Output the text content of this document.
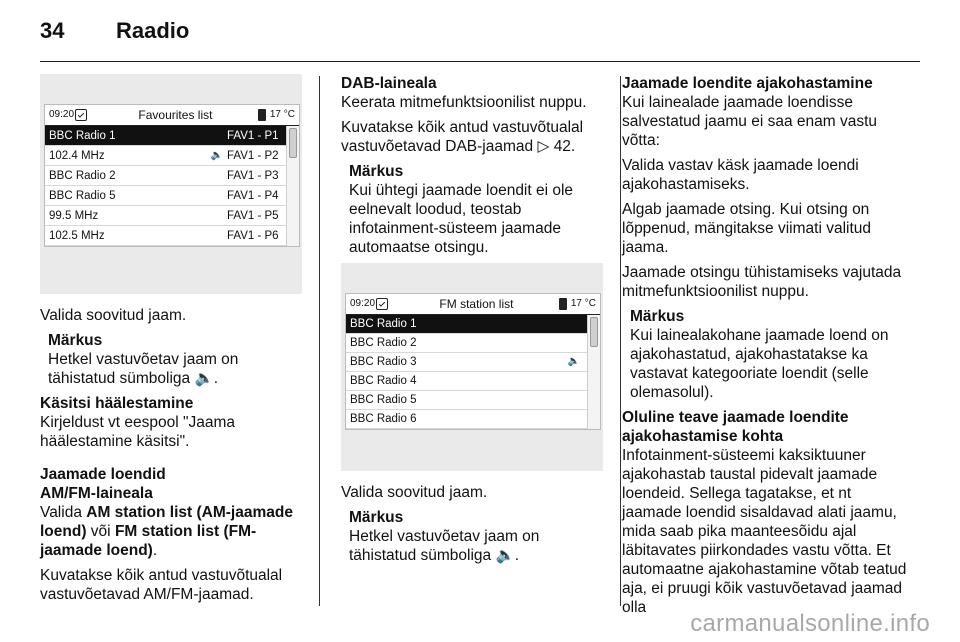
34 Raadio
09:20	Favourites list	17 °C
BBC Radio 1	FAV1 - P1
102.4 MHz	🔈 FAV1 - P2
BBC Radio 2	FAV1 - P3
BBC Radio 5	FAV1 - P4
99.5 MHz	FAV1 - P5
102.5 MHz	FAV1 - P6

Valida soovitud jaam.

Märkus
Hetkel vastuvõetav jaam on tähistatud sümboliga 🔈.
Käsitsi häälestamine

Kirjeldust vt eespool "Jaama häälestamine käsitsi".

Jaamade loendid
AM/FM-laineala

Valida AM station list (AM-jaamade loend) või FM station list (FM-jaamade loend).

Kuvatakse kõik antud vastuvõtualal vastuvõetavad AM/FM-jaamad.

DAB-laineala

Keerata mitmefunktsioonilist nuppu.

Kuvatakse kõik antud vastuvõtualal vastuvõetavad DAB-jaamad ▷ 42.

Märkus
Kui ühtegi jaamade loendit ei ole eelnevalt loodud, teostab infotainment-süsteem jaamade automaatse otsingu.
09:20	FM station list	17 °C
BBC Radio 1
BBC Radio 2
BBC Radio 3	🔈
BBC Radio 4
BBC Radio 5
BBC Radio 6

Valida soovitud jaam.

Märkus
Hetkel vastuvõetav jaam on tähistatud sümboliga 🔈.
Jaamade loendite ajakohastamine

Kui lainealade jaamade loendisse salvestatud jaamu ei saa enam vastu võtta:

Valida vastav käsk jaamade loendi ajakohastamiseks.

Algab jaamade otsing. Kui otsing on lõppenud, mängitakse viimati valitud jaama.

Jaamade otsingu tühistamiseks vajutada mitmefunktsioonilist nuppu.

Märkus
Kui lainealakohane jaamade loend on ajakohastatud, ajakohastatakse ka vastavat kategooriate loendit (selle olemasolul).
Oluline teave jaamade loendite ajakohastamise kohta

Infotainment-süsteemi kaksiktuuner ajakohastab taustal pidevalt jaamade loendeid. Sellega tagatakse, et nt jaamade loendid sisaldavad alati jaamu, mida saab pika maanteesõidu ajal läbitavates piirkondades vastu võtta. Et automaatne ajakohastamine võtab teatud aja, ei pruugi kõik vastuvõetavad jaamad olla

carmanualsonline.info
